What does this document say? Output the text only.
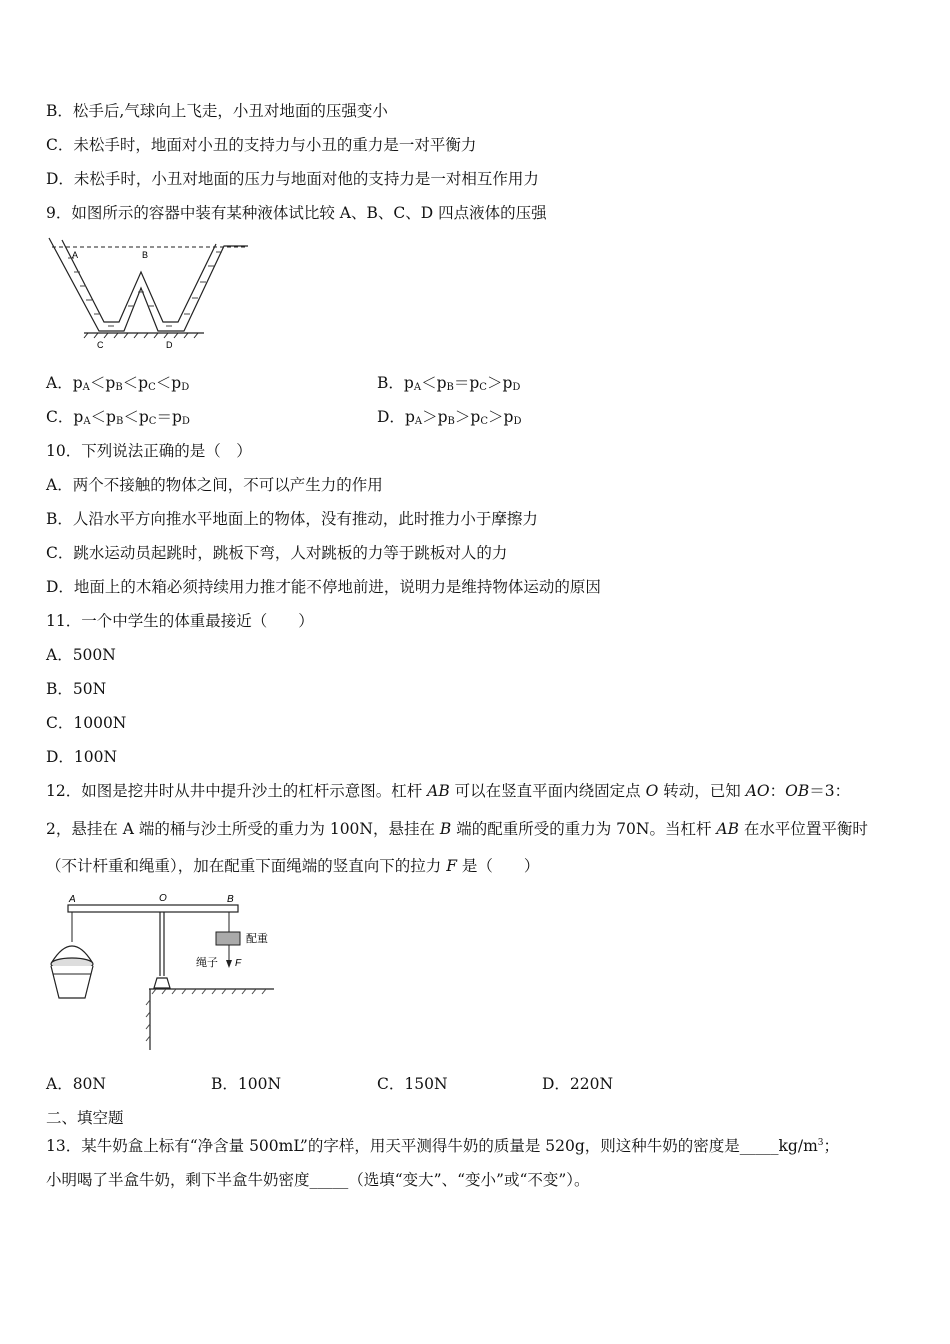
B．松手后,气球向上飞走，小丑对地面的压强变小
C．未松手时，地面对小丑的支持力与小丑的重力是一对平衡力
D．未松手时，小丑对地面的压力与地面对他的支持力是一对相互作用力
9．如图所示的容器中装有某种液体试比较 A、B、C、D 四点液体的压强
A	B
C	D
A．$p_A<p_B<p_C<p_D$	B．$p_A<p_B=p_C>p_D$
C．$p_A<p_B<p_C=p_D$	D．$p_A>p_B>p_C>p_D$
10．下列说法正确的是（　）
A．两个不接触的物体之间，不可以产生力的作用
B．人沿水平方向推水平地面上的物体，没有推动，此时推力小于摩擦力
C．跳水运动员起跳时，跳板下弯，人对跳板的力等于跳板对人的力
D．地面上的木箱必须持续用力推才能不停地前进，说明力是维持物体运动的原因
11．一个中学生的体重最接近（　　）
A．500N
B．50N
C．1000N
D．100N
12．如图是挖井时从井中提升沙土的杠杆示意图。杠杆 AB 可以在竖直平面内绕固定点 O 转动，已知 AO：OB＝3：
2，悬挂在 A 端的桶与沙土所受的重力为 100N，悬挂在 B 端的配重所受的重力为 70N。当杠杆 AB 在水平位置平衡时
（不计杆重和绳重），加在配重下面绳端的竖直向下的拉力 F 是（　　）
A	O	B
配重
绳子 F
A．80N	B．100N	C．150N	D．220N
二、填空题
13．某牛奶盒上标有“净含量 500mL”的字样，用天平测得牛奶的质量是 520g，则这种牛奶的密度是$\_\_\_\_\_kg/m^3$；
小明喝了半盒牛奶，剩下半盒牛奶密度_____（选填“变大”、“变小”或“不变”）。
